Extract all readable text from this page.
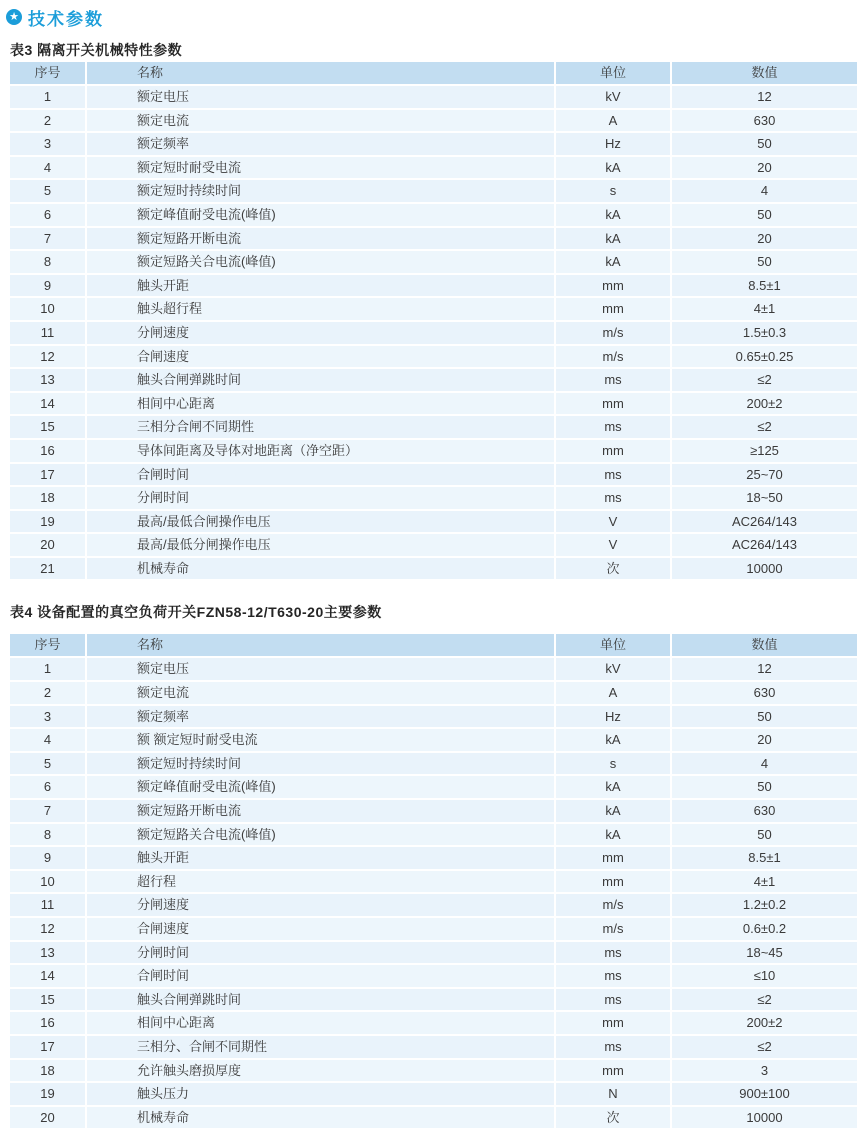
★ 技术参数
表3 隔离开关机械特性参数
序号	名称	单位	数值
1	额定电压	kV	12
2	额定电流	A	630
3	额定频率	Hz	50
4	额定短时耐受电流	kA	20
5	额定短时持续时间	s	4
6	额定峰值耐受电流(峰值)	kA	50
7	额定短路开断电流	kA	20
8	额定短路关合电流(峰值)	kA	50
9	触头开距	mm	8.5±1
10	触头超行程	mm	4±1
11	分闸速度	m/s	1.5±0.3
12	合闸速度	m/s	0.65±0.25
13	触头合闸弹跳时间	ms	≤2
14	相间中心距离	mm	200±2
15	三相分合闸不同期性	ms	≤2
16	导体间距离及导体对地距离（净空距）	mm	≥125
17	合闸时间	ms	25~70
18	分闸时间	ms	18~50
19	最高/最低合闸操作电压	V	AC264/143
20	最高/最低分闸操作电压	V	AC264/143
21	机械寿命	次	10000
表4 设备配置的真空负荷开关FZN58-12/T630-20主要参数
序号	名称	单位	数值
1	额定电压	kV	12
2	额定电流	A	630
3	额定频率	Hz	50
4	额 额定短时耐受电流	kA	20
5	额定短时持续时间	s	4
6	额定峰值耐受电流(峰值)	kA	50
7	额定短路开断电流	kA	630
8	额定短路关合电流(峰值)	kA	50
9	触头开距	mm	8.5±1
10	超行程	mm	4±1
11	分闸速度	m/s	1.2±0.2
12	合闸速度	m/s	0.6±0.2
13	分闸时间	ms	18~45
14	合闸时间	ms	≤10
15	触头合闸弹跳时间	ms	≤2
16	相间中心距离	mm	200±2
17	三相分、合闸不同期性	ms	≤2
18	允许触头磨损厚度	mm	3
19	触头压力	N	900±100
20	机械寿命	次	10000
